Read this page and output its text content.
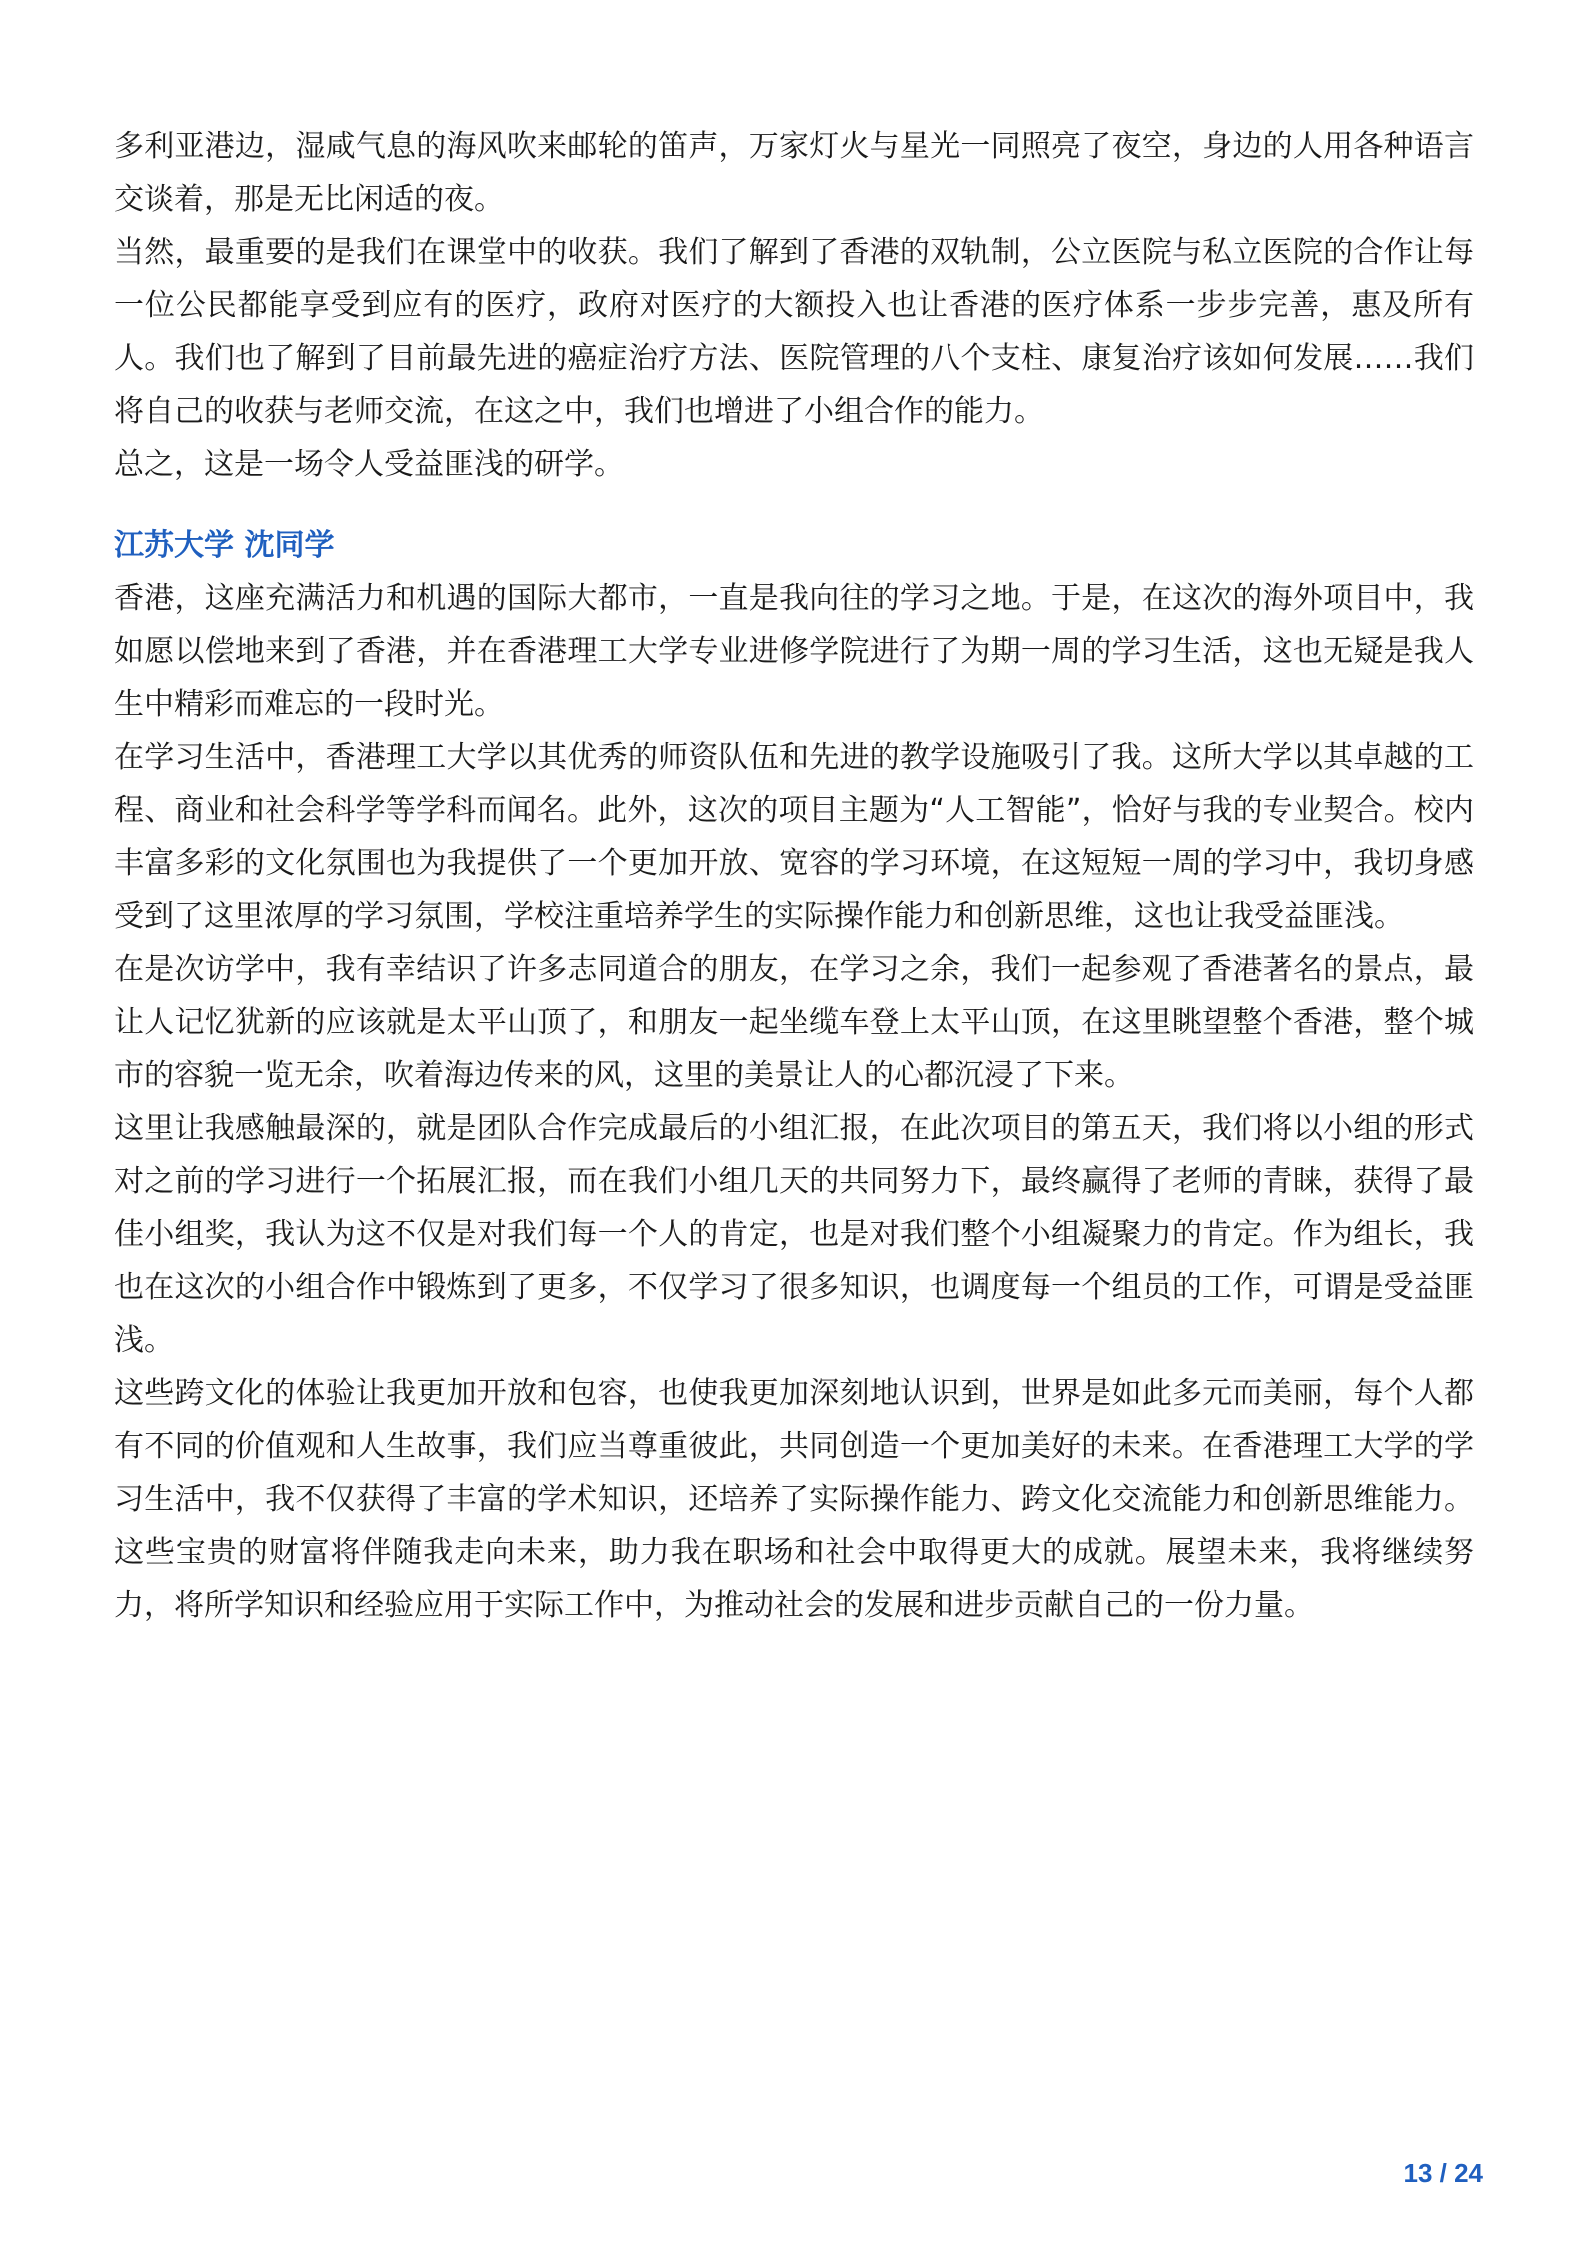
多利亚港边，湿咸气息的海风吹来邮轮的笛声，万家灯火与星光一同照亮了夜空，身边的人用各种语言交谈着，那是无比闲适的夜。

当然，最重要的是我们在课堂中的收获。我们了解到了香港的双轨制，公立医院与私立医院的合作让每一位公民都能享受到应有的医疗，政府对医疗的大额投入也让香港的医疗体系一步步完善，惠及所有人。我们也了解到了目前最先进的癌症治疗方法、医院管理的八个支柱、康复治疗该如何发展……我们将自己的收获与老师交流，在这之中，我们也增进了小组合作的能力。

总之，这是一场令人受益匪浅的研学。

江苏大学 沈同学

香港，这座充满活力和机遇的国际大都市，一直是我向往的学习之地。于是，在这次的海外项目中，我如愿以偿地来到了香港，并在香港理工大学专业进修学院进行了为期一周的学习生活，这也无疑是我人生中精彩而难忘的一段时光。

在学习生活中，香港理工大学以其优秀的师资队伍和先进的教学设施吸引了我。这所大学以其卓越的工程、商业和社会科学等学科而闻名。此外，这次的项目主题为“人工智能”，恰好与我的专业契合。校内丰富多彩的文化氛围也为我提供了一个更加开放、宽容的学习环境，在这短短一周的学习中，我切身感受到了这里浓厚的学习氛围，学校注重培养学生的实际操作能力和创新思维，这也让我受益匪浅。

在是次访学中，我有幸结识了许多志同道合的朋友，在学习之余，我们一起参观了香港著名的景点，最让人记忆犹新的应该就是太平山顶了，和朋友一起坐缆车登上太平山顶，在这里眺望整个香港，整个城市的容貌一览无余，吹着海边传来的风，这里的美景让人的心都沉浸了下来。

这里让我感触最深的，就是团队合作完成最后的小组汇报，在此次项目的第五天，我们将以小组的形式对之前的学习进行一个拓展汇报，而在我们小组几天的共同努力下，最终赢得了老师的青睐，获得了最佳小组奖，我认为这不仅是对我们每一个人的肯定，也是对我们整个小组凝聚力的肯定。作为组长，我也在这次的小组合作中锻炼到了更多，不仅学习了很多知识，也调度每一个组员的工作，可谓是受益匪浅。

这些跨文化的体验让我更加开放和包容，也使我更加深刻地认识到，世界是如此多元而美丽，每个人都有不同的价值观和人生故事，我们应当尊重彼此，共同创造一个更加美好的未来。在香港理工大学的学习生活中，我不仅获得了丰富的学术知识，还培养了实际操作能力、跨文化交流能力和创新思维能力。这些宝贵的财富将伴随我走向未来，助力我在职场和社会中取得更大的成就。展望未来，我将继续努力，将所学知识和经验应用于实际工作中，为推动社会的发展和进步贡献自己的一份力量。

13 / 24
